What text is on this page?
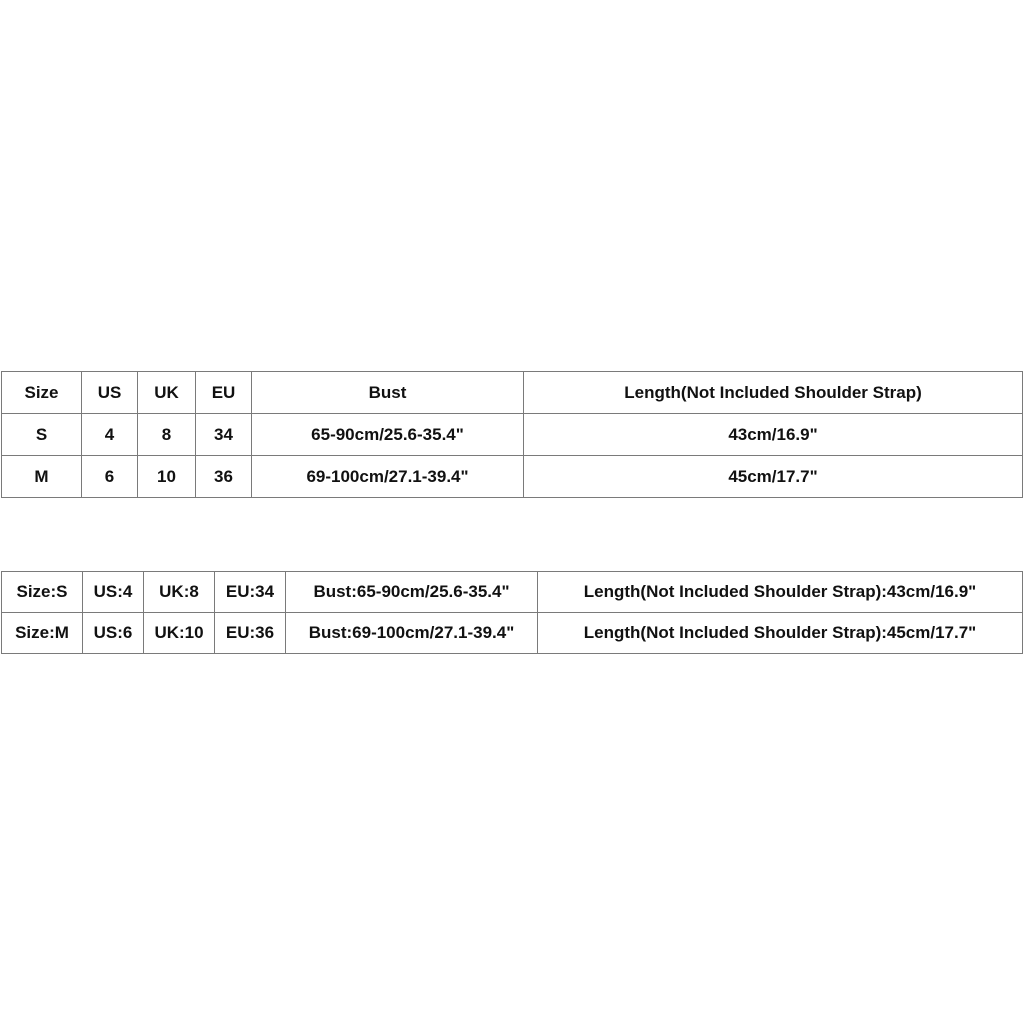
Size	US	UK	EU	Bust	Length(Not Included Shoulder Strap)
S	4	8	34	65-90cm/25.6-35.4"	43cm/16.9"
M	6	10	36	69-100cm/27.1-39.4"	45cm/17.7"
Size:S	US:4	UK:8	EU:34	Bust:65-90cm/25.6-35.4"	Length(Not Included Shoulder Strap):43cm/16.9"
Size:M	US:6	UK:10	EU:36	Bust:69-100cm/27.1-39.4"	Length(Not Included Shoulder Strap):45cm/17.7"
